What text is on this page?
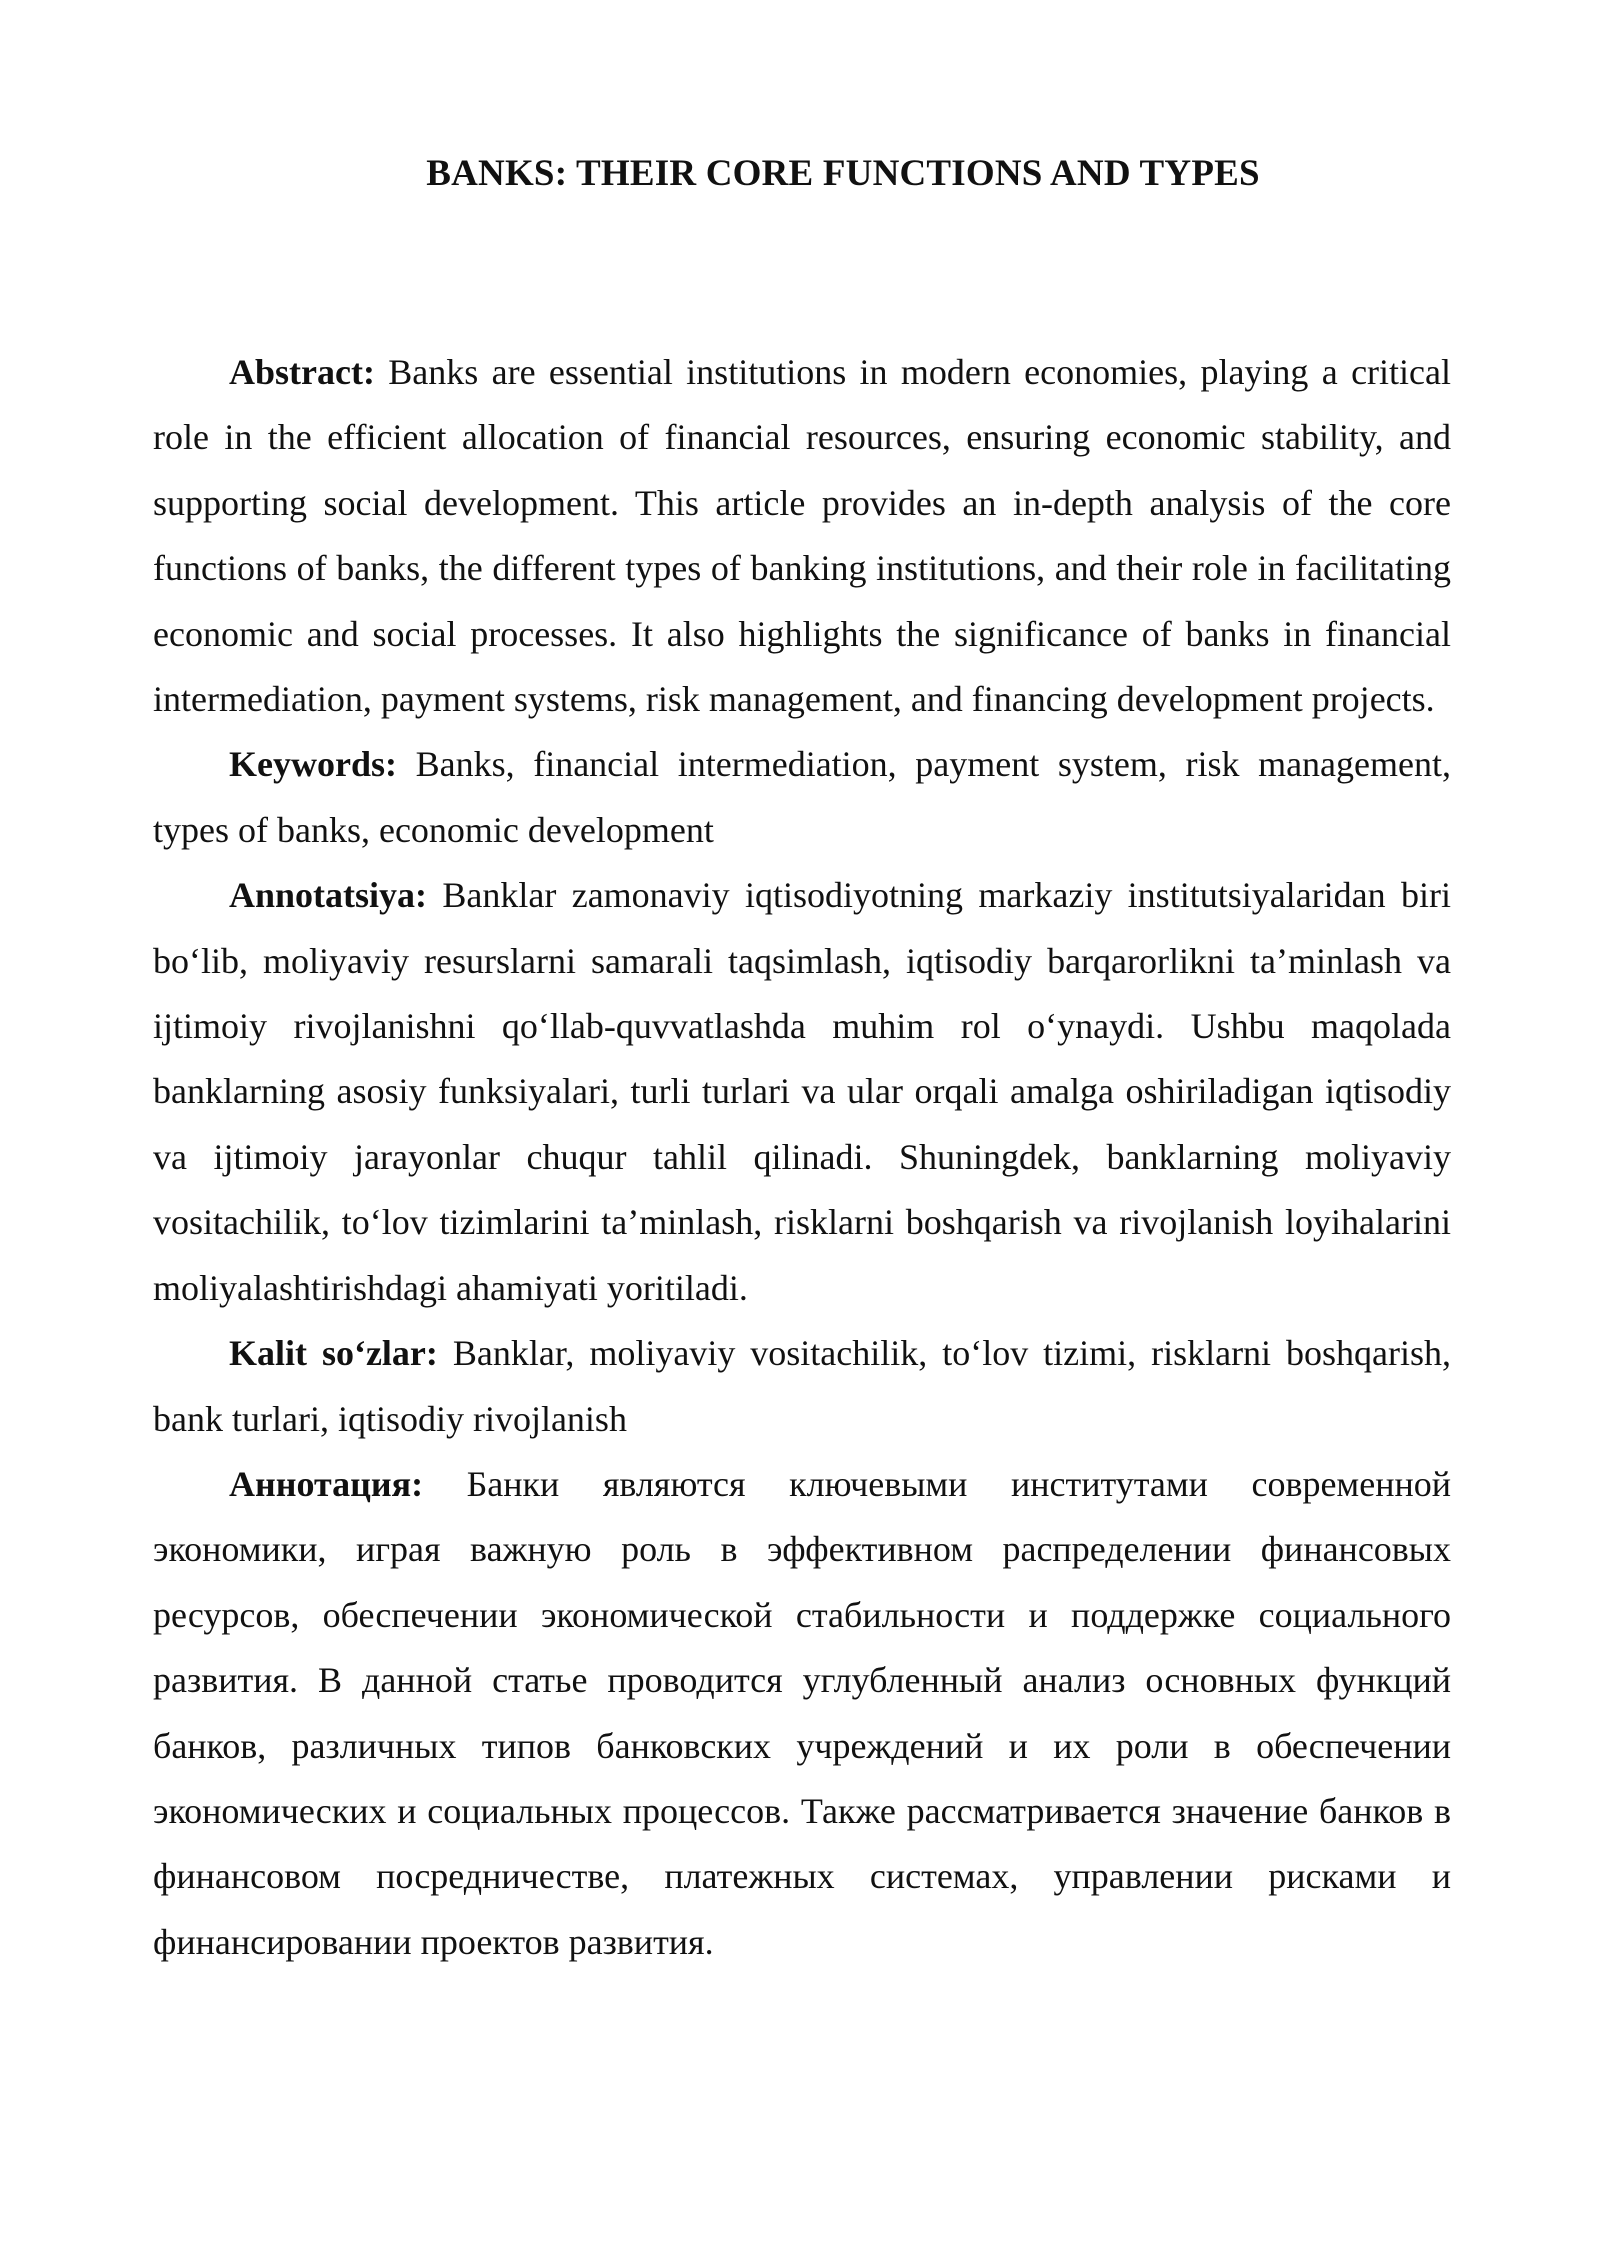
BANKS: THEIR CORE FUNCTIONS AND TYPES

Abstract: Banks are essential institutions in modern economies, playing a critical role in the efficient allocation of financial resources, ensuring economic stability, and supporting social development. This article provides an in-depth analysis of the core functions of banks, the different types of banking institutions, and their role in facilitating economic and social processes. It also highlights the significance of banks in financial intermediation, payment systems, risk management, and financing development projects.

Keywords: Banks, financial intermediation, payment system, risk management, types of banks, economic development

Annotatsiya: Banklar zamonaviy iqtisodiyotning markaziy institutsiyalaridan biri bo‘lib, moliyaviy resurslarni samarali taqsimlash, iqtisodiy barqarorlikni ta’minlash va ijtimoiy rivojlanishni qo‘llab-quvvatlashda muhim rol o‘ynaydi. Ushbu maqolada banklarning asosiy funksiyalari, turli turlari va ular orqali amalga oshiriladigan iqtisodiy va ijtimoiy jarayonlar chuqur tahlil qilinadi. Shuningdek, banklarning moliyaviy vositachilik, to‘lov tizimlarini ta’minlash, risklarni boshqarish va rivojlanish loyihalarini moliyalashtirishdagi ahamiyati yoritiladi.

Kalit so‘zlar: Banklar, moliyaviy vositachilik, to‘lov tizimi, risklarni boshqarish, bank turlari, iqtisodiy rivojlanish

Аннотация: Банки являются ключевыми институтами современной экономики, играя важную роль в эффективном распределении финансовых ресурсов, обеспечении экономической стабильности и поддержке социального развития. В данной статье проводится углубленный анализ основных функций банков, различных типов банковских учреждений и их роли в обеспечении экономических и социальных процессов. Также рассматривается значение банков в финансовом посредничестве, платежных системах, управлении рисками и финансировании проектов развития.
